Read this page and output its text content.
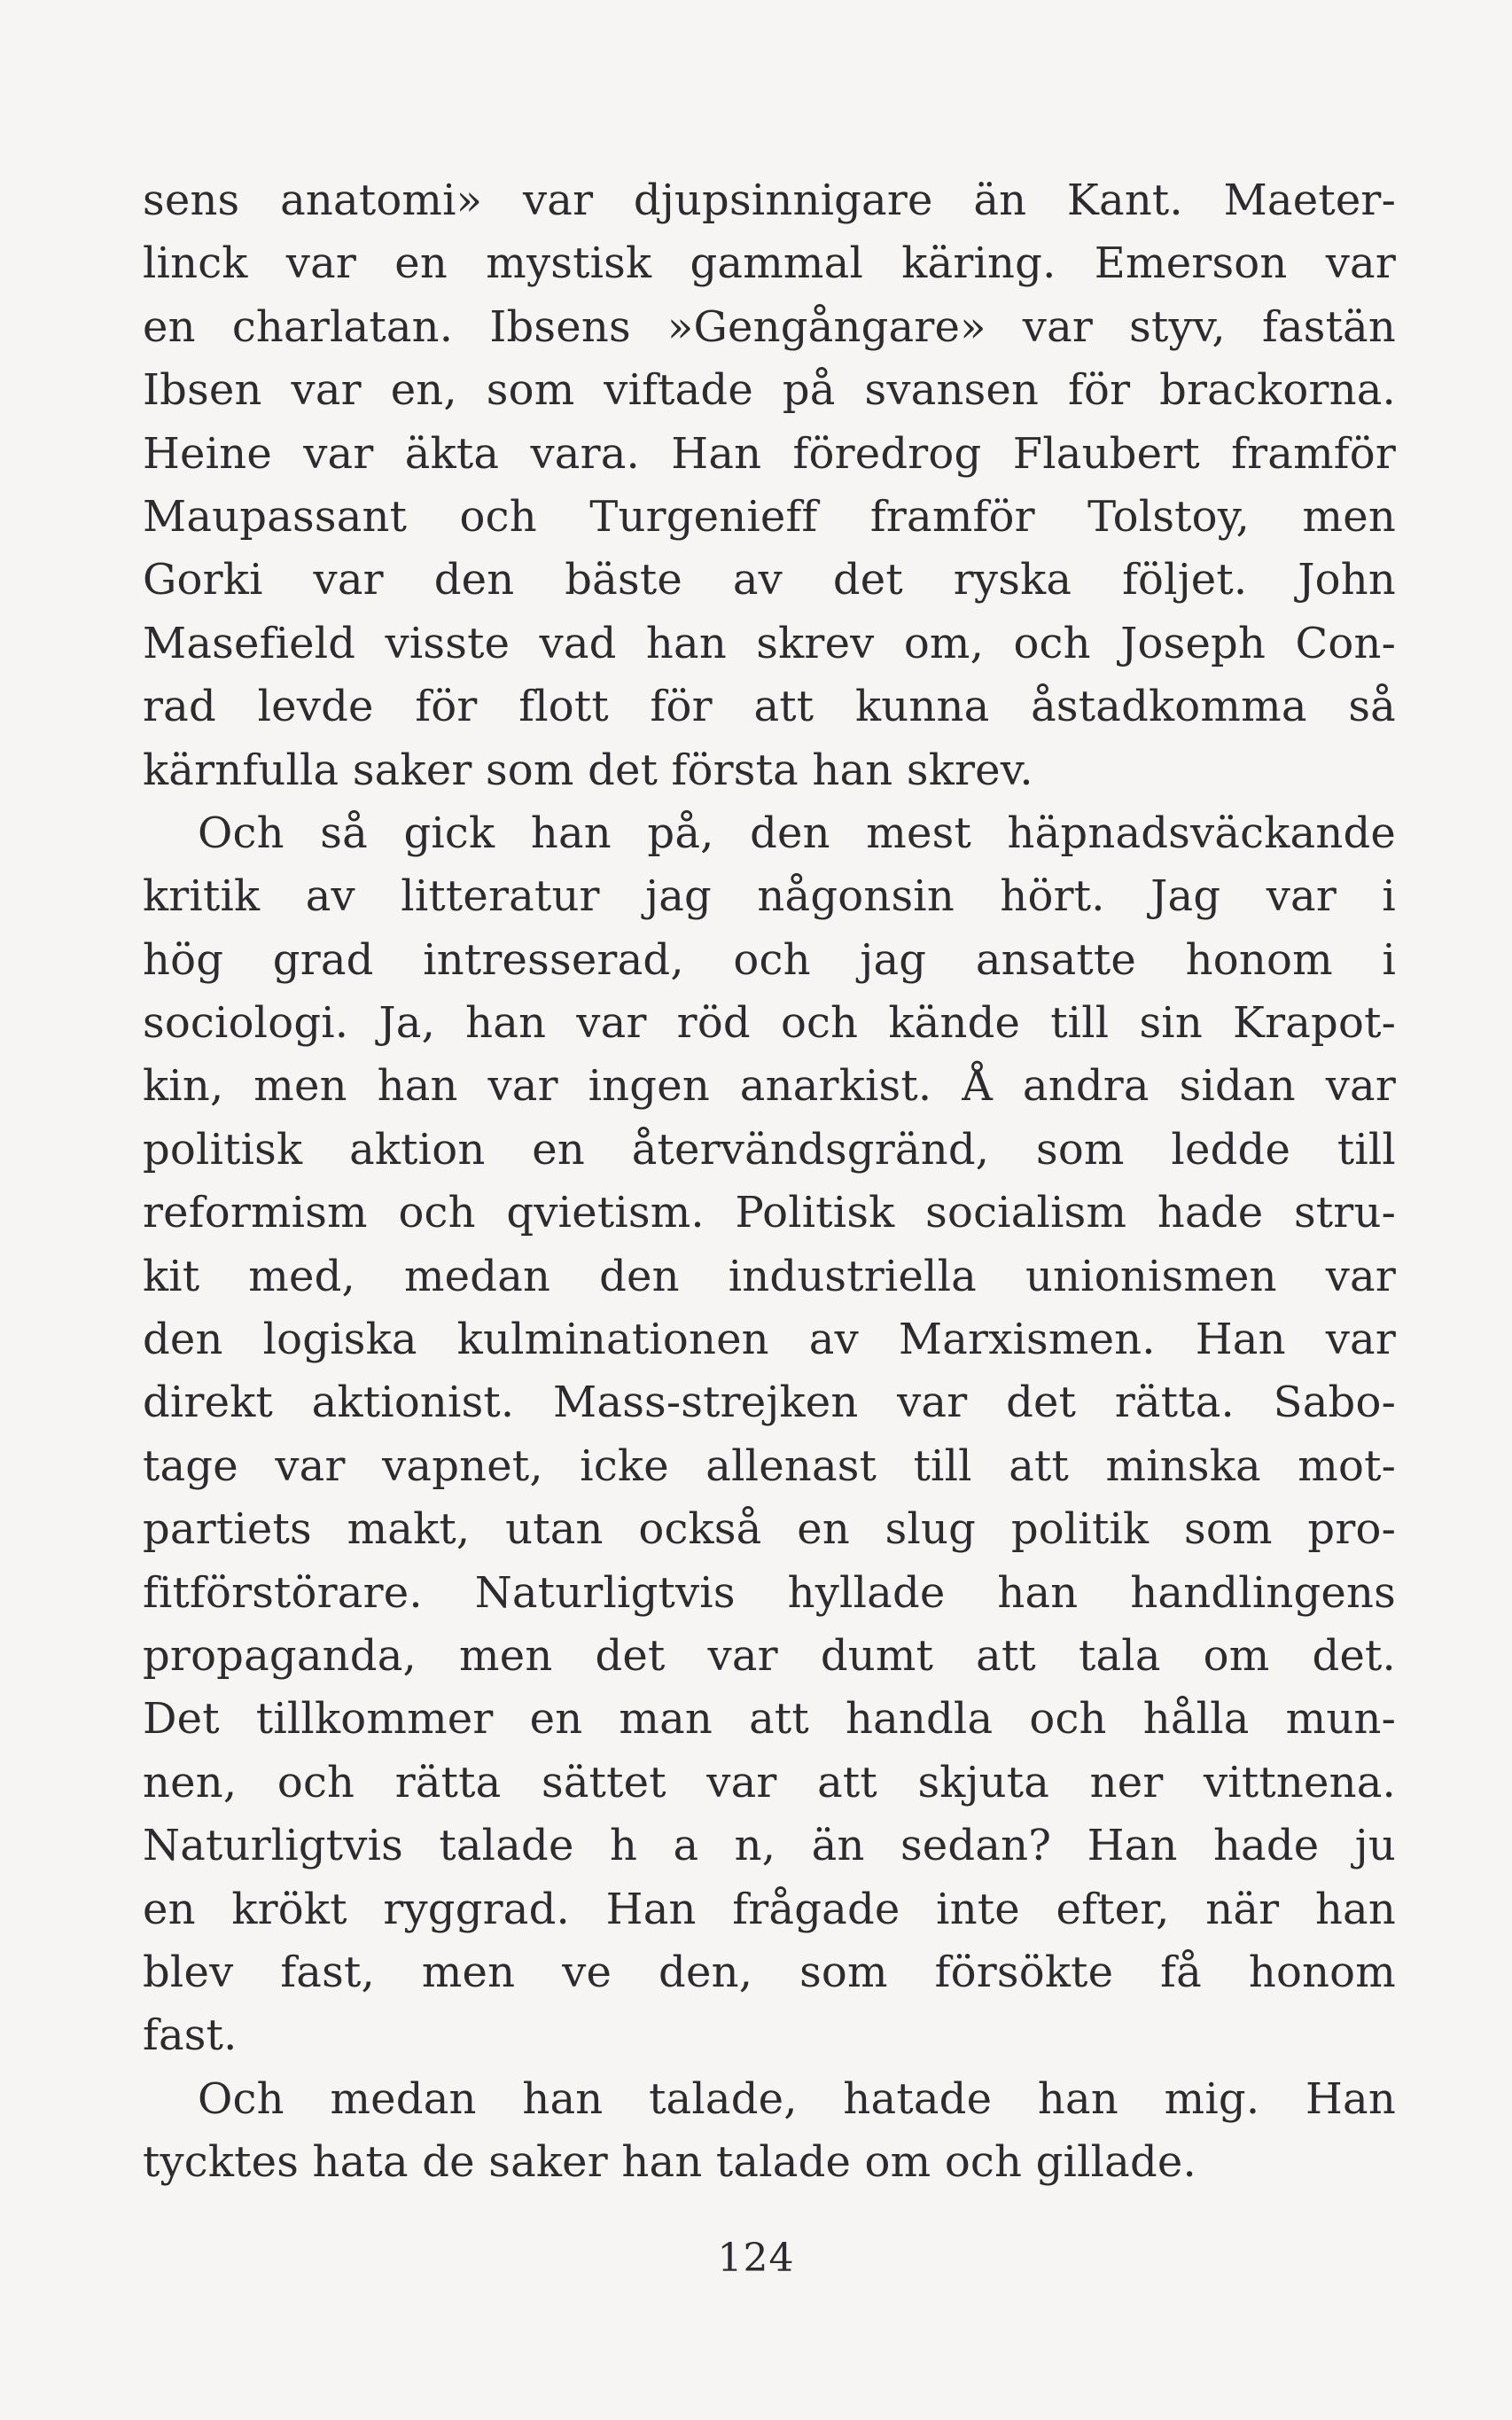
sens anatomi» var djupsinnigare än Kant. Maeter-
linck var en mystisk gammal käring. Emerson var
en charlatan. Ibsens »Gengångare» var styv, fastän
Ibsen var en, som viftade på svansen för brackorna.
Heine var äkta vara. Han föredrog Flaubert framför
Maupassant och Turgenieff framför Tolstoy, men
Gorki var den bäste av det ryska följet. John
Masefield visste vad han skrev om, och Joseph Con-
rad levde för flott för att kunna åstadkomma så
kärnfulla saker som det första han skrev.
Och så gick han på, den mest häpnadsväckande
kritik av litteratur jag någonsin hört. Jag var i
hög grad intresserad, och jag ansatte honom i
sociologi. Ja, han var röd och kände till sin Krapot-
kin, men han var ingen anarkist. Å andra sidan var
politisk aktion en återvändsgränd, som ledde till
reformism och qvietism. Politisk socialism hade stru-
kit med, medan den industriella unionismen var
den logiska kulminationen av Marxismen. Han var
direkt aktionist. Mass-strejken var det rätta. Sabo-
tage var vapnet, icke allenast till att minska mot-
partiets makt, utan också en slug politik som pro-
fitförstörare. Naturligtvis hyllade han handlingens
propaganda, men det var dumt att tala om det.
Det tillkommer en man att handla och hålla mun-
nen, och rätta sättet var att skjuta ner vittnena.
Naturligtvis talade h a n, än sedan? Han hade ju
en krökt ryggrad. Han frågade inte efter, när han
blev fast, men ve den, som försökte få honom
fast.
Och medan han talade, hatade han mig. Han
tycktes hata de saker han talade om och gillade.
124
